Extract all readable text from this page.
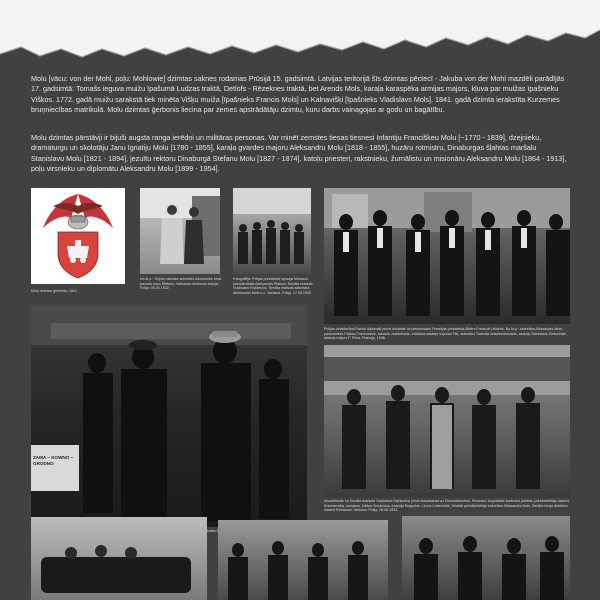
Molu [vācu: von der Mohl, poļu: Mohlowie] dzimtas saknes rodamas Prūsijā 15. gadsimtā. Latvijas teritorijā šīs dzimtas pēctecī - Jakuba von der Mohl mazdēli parādījās 17. gadsimtā: Tomašs ieguva muižu īpašumā Ludzas traktā, Detlofs - Rēzeknes traktā, bet Arends Mols, karaļa karaspēka armijas majors, kļuva par muižas īpašnieku Višķos. 1772. gadā muižu sarakstā tiek minēta Višķu muiža [īpašnieks Francis Mols] un Kalnavišķi [īpašnieks Vladislavs Mols]. 1841. gadā dzimta ierakstīta Kurzemes bruņniecības matrikulā. Molu dzimtas ģerbonis liecina par zemes apstrādātāju dzimtu, kuru darbs vainagojas ar godu un bagātību.

Molu dzimtas pārstāvji ir bijuši augsta ranga ierēdņi un militāras personas. Var minēt zemstes tiesas tiesnesi Infantiju Franciškeu Molu [~1770 - 1839], dzejnieku, dramaturgu un skolotāju Janu Ignatiju Molu [1780 - 1855], karaļa gvardes majoru Aleksandru Molu [1818 - 1855], huzāru rotmistru, Dinaburgas šļahtas maršalu Staņislavu Molu [1821 - 1894], jezuītu rektoru Dinaburgā Stefanu Molu [1827 - 1874], katoļu priesteri, rakstnieku, žurnālistu un misionāru Aleksandru Molu [1864 - 1913], poļu virsnieku un diplomātu Aleksandru Molu [1899 - 1954].

Molu dzimtas ģerbonis, 1841

No kr.p.: Sejma marsala sekretārs Aleksandrs Mols pavada Ivaru Štēbelu, Varšavas dzelzceļa stacija. Polija, 05.09.1932.

Fotogrāfijā: Polijas prezidents sprauja Moscicki, prezidentālās Aleksandrs Piatovs, Senāta maršals Vladislavs Račkevičs, Senāta maršala sekretārs Aleksandrs Mols u.c. Varšava. Polija, 17.09.1932.

Polijas vēstniecībai Parīzē diplomāti pirms došanās uz pieņemšanu Francijas prezidenta Albērs Fransuā Lebrēns. No kr.p.: sekretārs Aleksandrs Mols, padomnieks Felikss Frankovskis, konsuls Jastšebskis, militārais atašejs Vojceņs Fils, sekretārs Tadeušs Wisubienkovskis, atašejs Stanislavs Sierociński, atašejs majors F. Pitsa. Francija, 1936

ZAMA – KOWNO – GRODNO

deputāta

Atvadīšanās no Senāta maršala Vladislava Račkeviča pirms braukšanas uz Dienvidamerikū. Redzami: Augstākās kontroles palātas priekšsēdētājs Jakubs Kidzerevskis, senators Juliāns Smulovics, Antonijs Boguckis, Leons Lubienskis, Senāta priekšsēdētāja sekretārs Aleksandrs Mols, Senāta biroja direktors Adams Rzewuski. Varšava. Polija, 08.06.1933.
